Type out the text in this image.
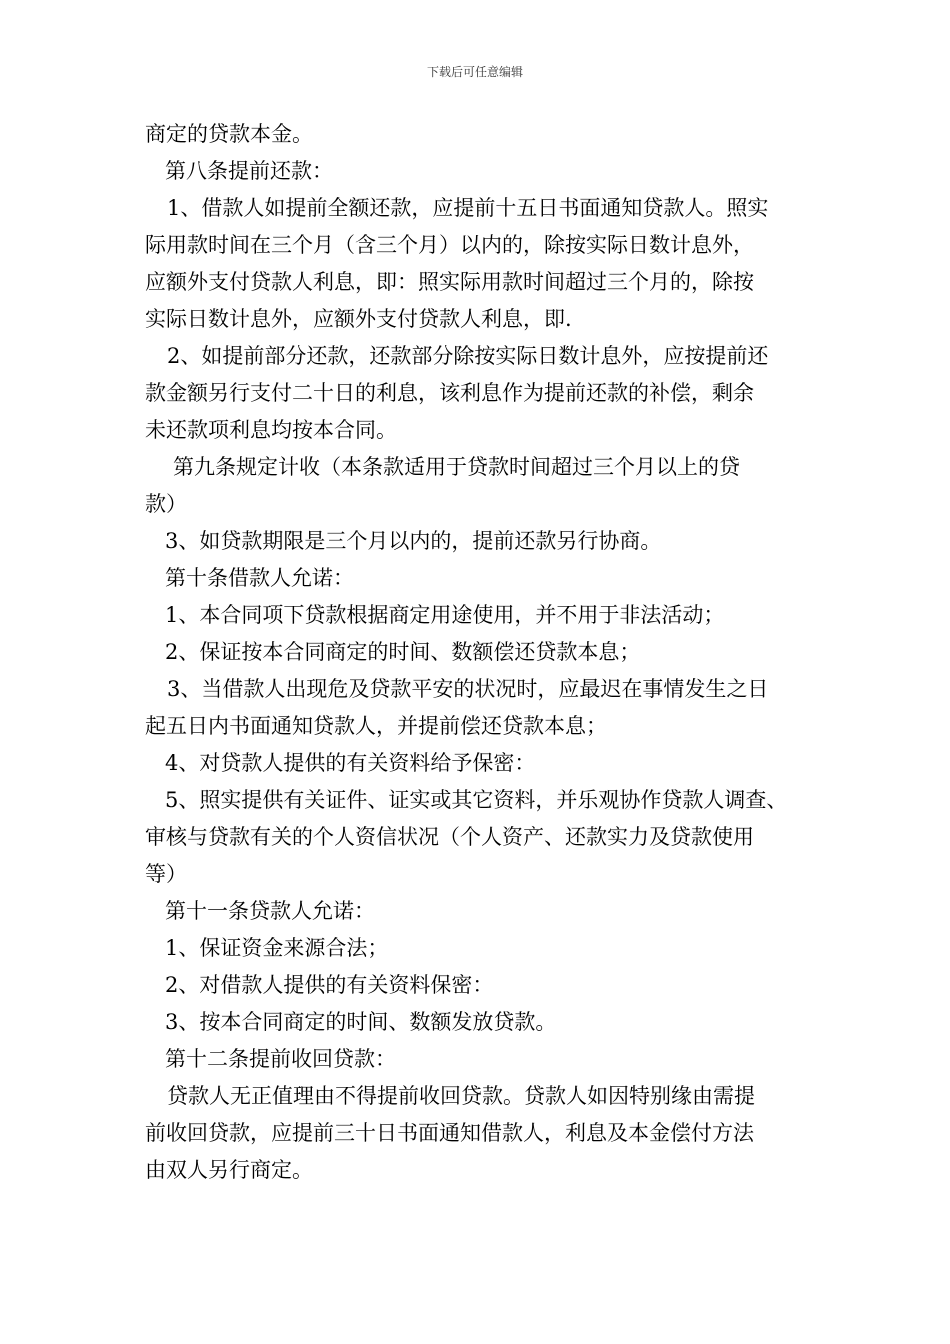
下载后可任意编辑
商定的贷款本金。
第八条提前还款：
1、借款人如提前全额还款，应提前十五日书面通知贷款人。照实
际用款时间在三个月（含三个月）以内的，除按实际日数计息外，
应额外支付贷款人利息，即：照实际用款时间超过三个月的，除按
实际日数计息外，应额外支付贷款人利息，即.
2、如提前部分还款，还款部分除按实际日数计息外，应按提前还
款金额另行支付二十日的利息，该利息作为提前还款的补偿，剩余
未还款项利息均按本合同。
第九条规定计收（本条款适用于贷款时间超过三个月以上的贷
款）
3、如贷款期限是三个月以内的，提前还款另行协商。
第十条借款人允诺：
1、本合同项下贷款根据商定用途使用，并不用于非法活动；
2、保证按本合同商定的时间、数额偿还贷款本息；
3、当借款人出现危及贷款平安的状况时，应最迟在事情发生之日
起五日内书面通知贷款人，并提前偿还贷款本息；
4、对贷款人提供的有关资料给予保密：
5、照实提供有关证件、证实或其它资料，并乐观协作贷款人调查、
审核与贷款有关的个人资信状况（个人资产、还款实力及贷款使用
等）
第十一条贷款人允诺：
1、保证资金来源合法；
2、对借款人提供的有关资料保密：
3、按本合同商定的时间、数额发放贷款。
第十二条提前收回贷款：
贷款人无正值理由不得提前收回贷款。贷款人如因特别缘由需提
前收回贷款，应提前三十日书面通知借款人，利息及本金偿付方法
由双人另行商定。
